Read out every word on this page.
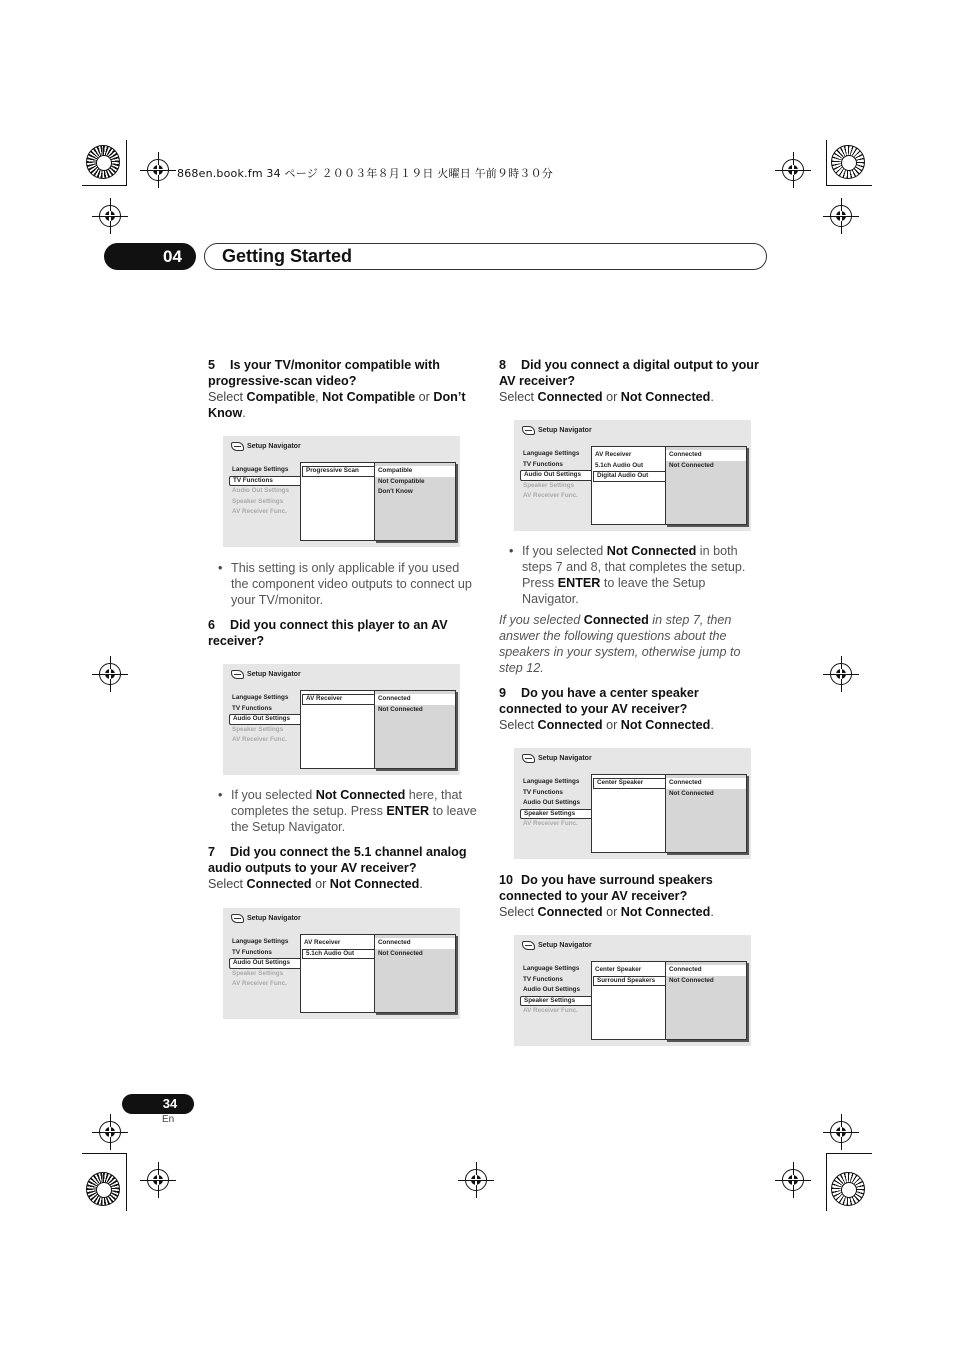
868en.book.fm 34 ページ ２００３年８月１９日 火曜日 午前９時３０分
04	Getting Started
5 Is your TV/monitor compatible with progressive-scan video?
Select Compatible, Not Compatible or Don’t Know.
Setup Navigator
Language Settings
TV Functions
Audio Out Settings
Speaker Settings
AV Receiver Func.
Progressive Scan	Compatible
Not Compatible
Don't Know
• This setting is only applicable if you used the component video outputs to connect up your TV/monitor.
6 Did you connect this player to an AV receiver?
Setup Navigator
Language Settings
TV Functions
Audio Out Settings
Speaker Settings
AV Receiver Func.
AV Receiver	Connected
Not Connected
• If you selected Not Connected here, that completes the setup. Press ENTER to leave the Setup Navigator.
7 Did you connect the 5.1 channel analog audio outputs to your AV receiver?
Select Connected or Not Connected.
Setup Navigator
Language Settings
TV Functions
Audio Out Settings
Speaker Settings
AV Receiver Func.
AV Receiver
5.1ch Audio Out
Connected
Not Connected
8 Did you connect a digital output to your AV receiver?
Select Connected or Not Connected.
Setup Navigator
Language Settings
TV Functions
Audio Out Settings
Speaker Settings
AV Receiver Func.
AV Receiver
5.1ch Audio Out
Digital Audio Out
Connected
Not Connected
• If you selected Not Connected in both steps 7 and 8, that completes the setup. Press ENTER to leave the Setup Navigator.
If you selected Connected in step 7, then answer the following questions about the speakers in your system, otherwise jump to step 12.
9 Do you have a center speaker connected to your AV receiver?
Select Connected or Not Connected.
Setup Navigator
Language Settings
TV Functions
Audio Out Settings
Speaker Settings
AV Receiver Func.
Center Speaker	Connected
Not Connected
10 Do you have surround speakers connected to your AV receiver?
Select Connected or Not Connected.
Setup Navigator
Language Settings
TV Functions
Audio Out Settings
Speaker Settings
AV Receiver Func.
Center Speaker
Surround Speakers
Connected
Not Connected
34
En
